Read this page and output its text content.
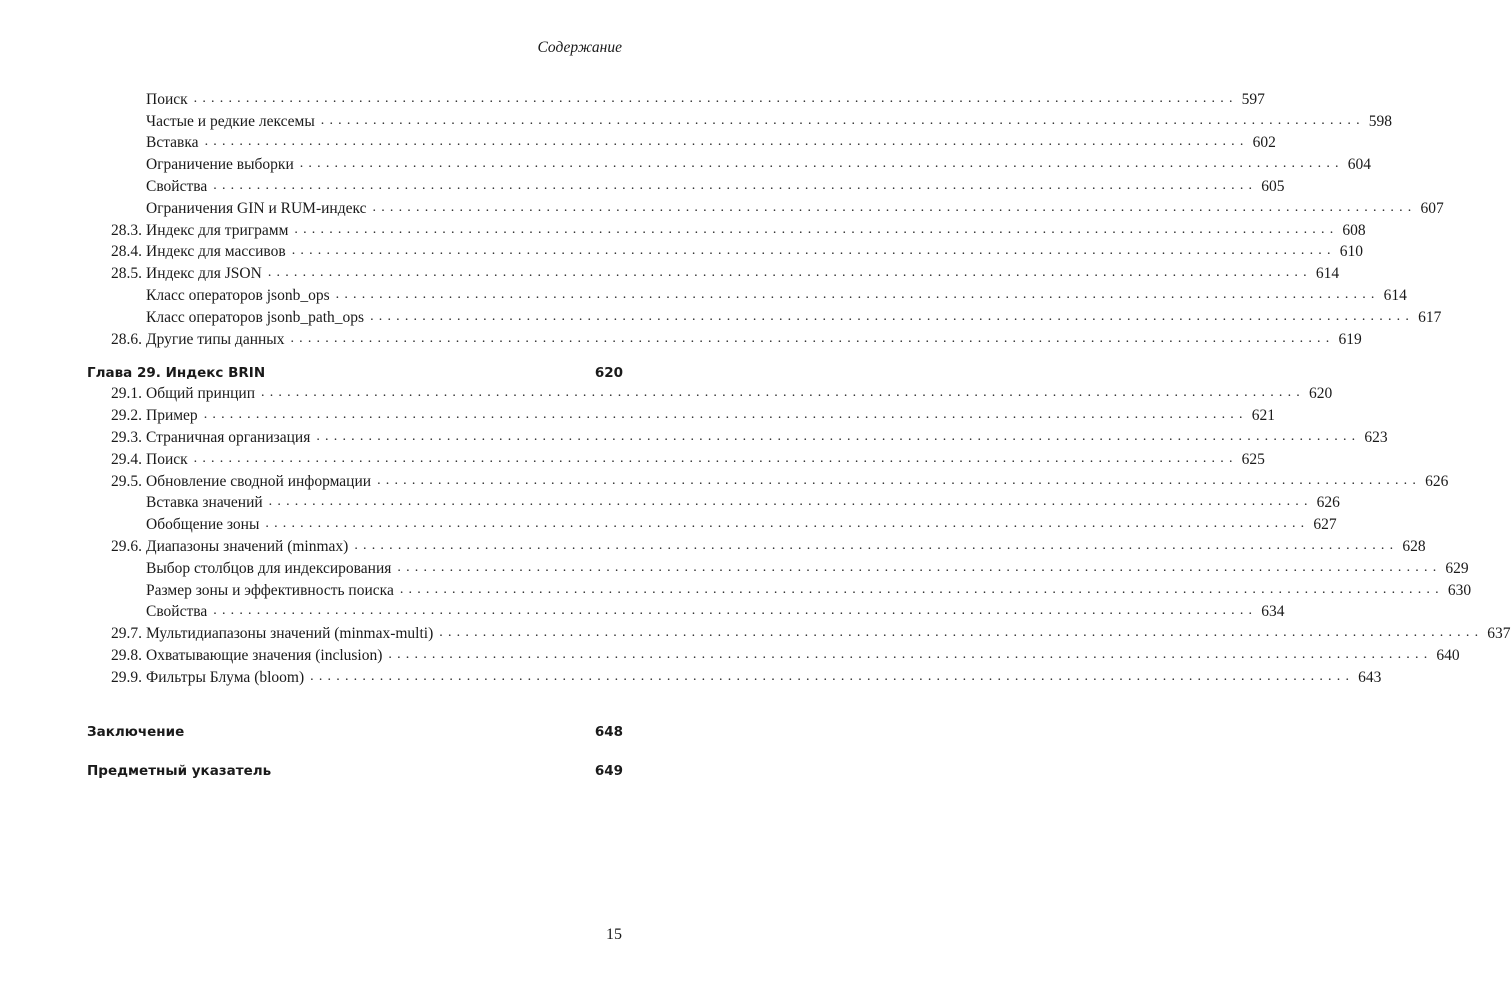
Содержание
Поиск ........................................................................................................................ 597
Частые и редкие лексемы ........................................................................................................................ 598
Вставка ........................................................................................................................ 602
Ограничение выборки ........................................................................................................................ 604
Свойства ........................................................................................................................ 605
Ограничения GIN и RUM-индекс ........................................................................................................................ 607
28.3. Индекс для триграмм ........................................................................................................................ 608
28.4. Индекс для массивов ........................................................................................................................ 610
28.5. Индекс для JSON ........................................................................................................................ 614
Класс операторов jsonb_ops ........................................................................................................................ 614
Класс операторов jsonb_path_ops ........................................................................................................................ 617
28.6. Другие типы данных ........................................................................................................................ 619
Глава 29. Индекс BRIN	620
29.1. Общий принцип ........................................................................................................................ 620
29.2. Пример ........................................................................................................................ 621
29.3. Страничная организация ........................................................................................................................ 623
29.4. Поиск ........................................................................................................................ 625
29.5. Обновление сводной информации ........................................................................................................................ 626
Вставка значений ........................................................................................................................ 626
Обобщение зоны ........................................................................................................................ 627
29.6. Диапазоны значений (minmax) ........................................................................................................................ 628
Выбор столбцов для индексирования ........................................................................................................................ 629
Размер зоны и эффективность поиска ........................................................................................................................ 630
Свойства ........................................................................................................................ 634
29.7. Мультидиапазоны значений (minmax-multi) ........................................................................................................................ 637
29.8. Охватывающие значения (inclusion) ........................................................................................................................ 640
29.9. Фильтры Блума (bloom) ........................................................................................................................ 643
Заключение	648
Предметный указатель	649
15
